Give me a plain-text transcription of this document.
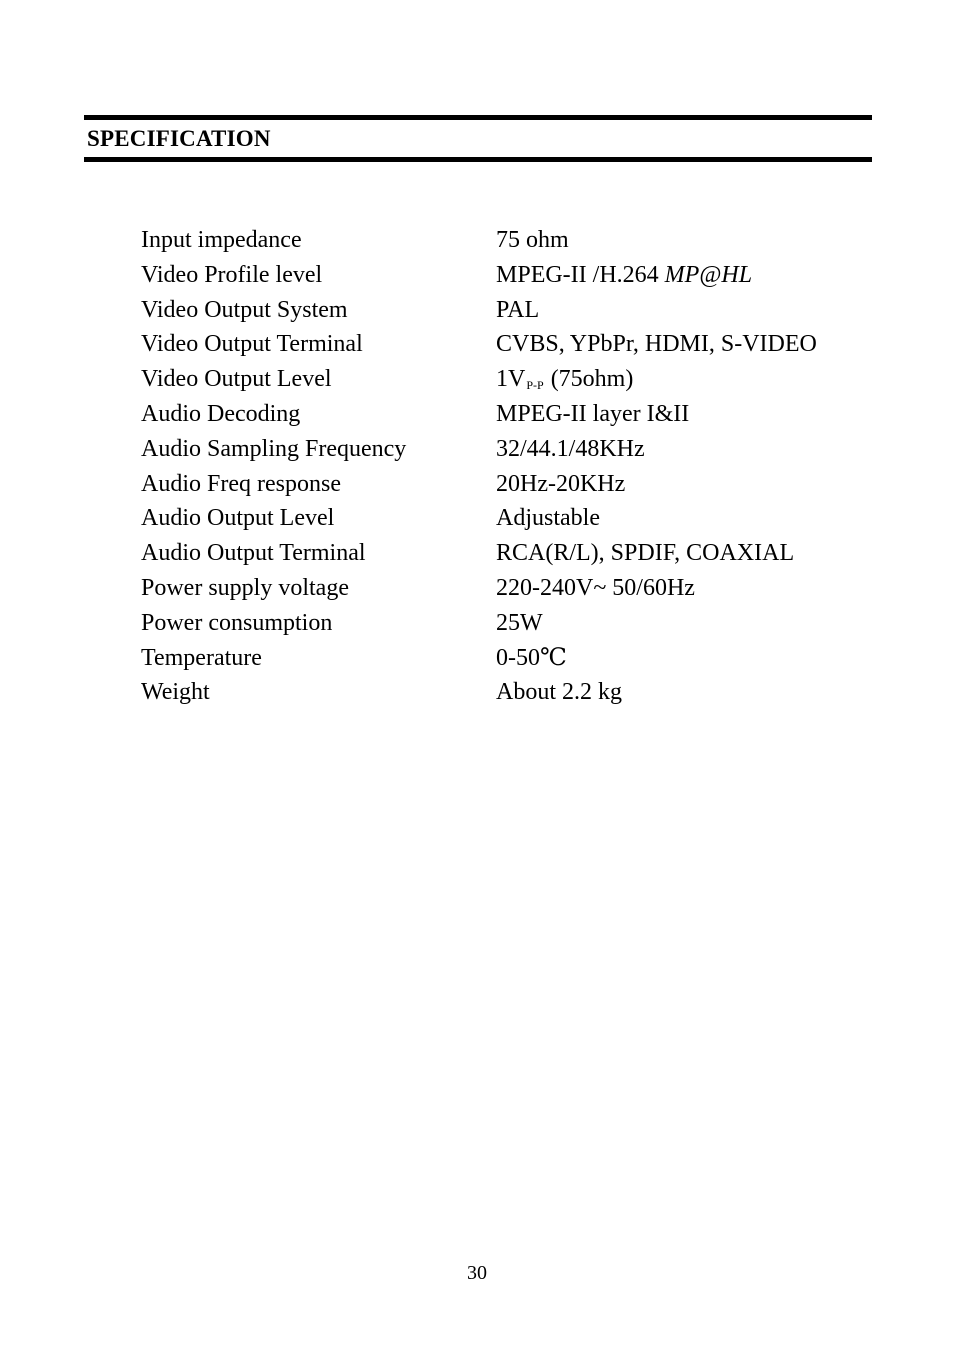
SPECIFICATION
Input impedance	75 ohm
Video Profile level	MPEG-II /H.264 MP@HL
Video Output System	PAL
Video Output Terminal	CVBS, YPbPr, HDMI, S-VIDEO
Video Output Level	$1V_{P-P}$ (75ohm)
Audio Decoding	MPEG-II layer I&II
Audio Sampling Frequency	32/44.1/48KHz
Audio Freq response	20Hz-20KHz
Audio Output Level	Adjustable
Audio Output Terminal	RCA(R/L), SPDIF, COAXIAL
Power supply voltage	220-240V~ 50/60Hz
Power consumption	25W
Temperature	0-50℃
Weight	About 2.2 kg
30
